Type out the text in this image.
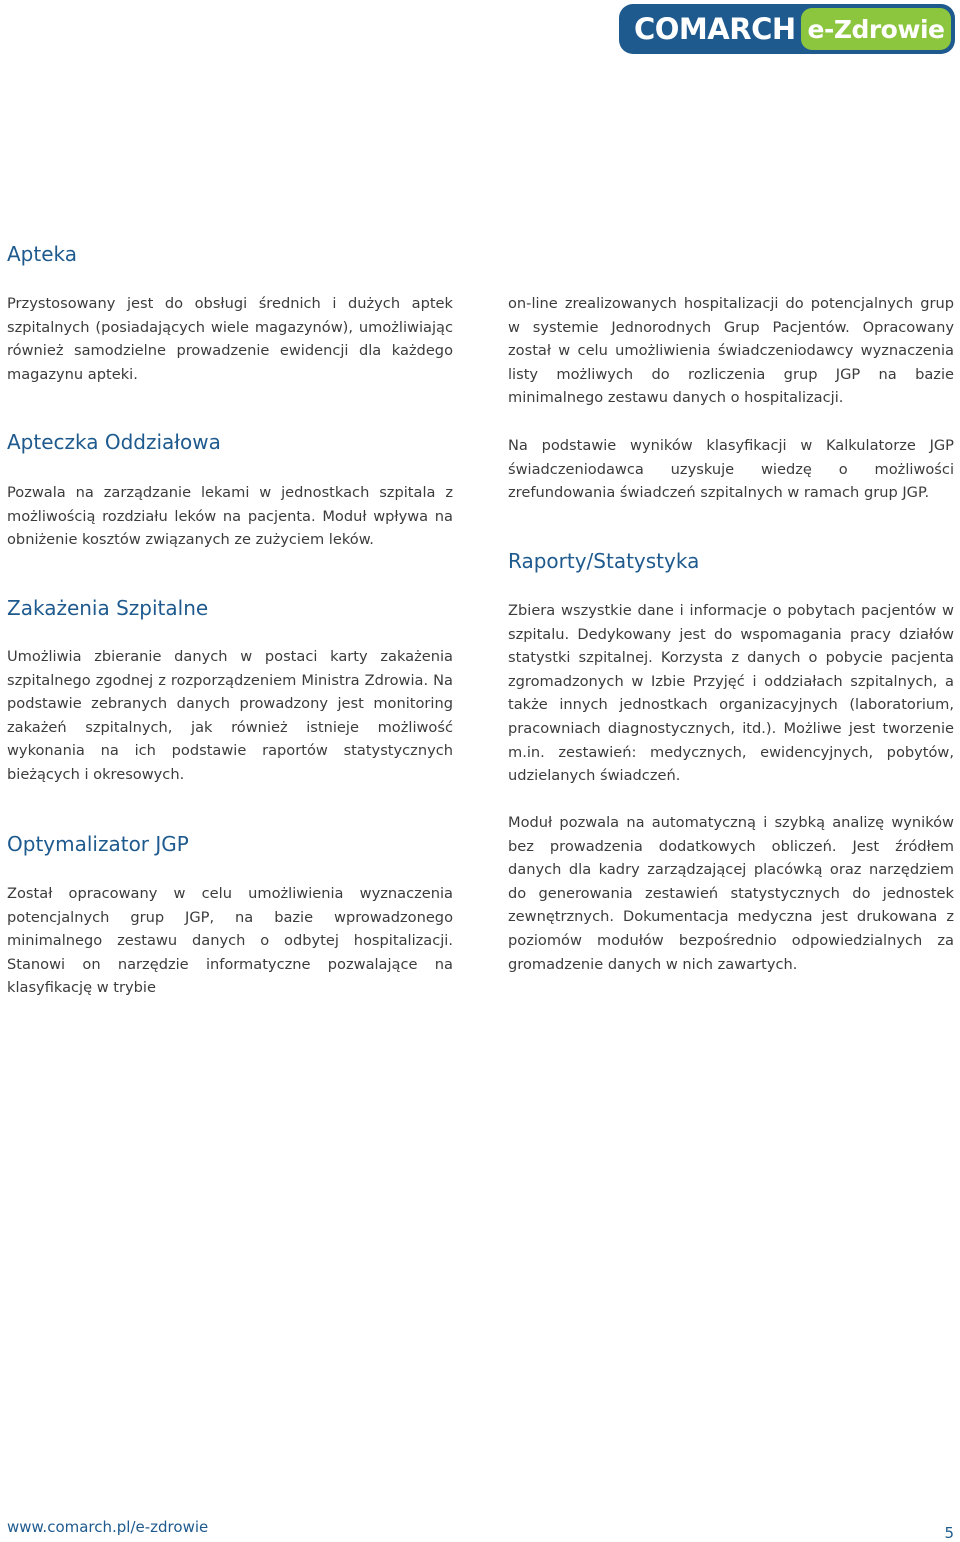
COMARCH e-Zdrowie
Apteka

Przystosowany jest do obsługi średnich i dużych aptek szpitalnych (posiadających wiele magazynów), umożliwiając również samodzielne prowadzenie ewidencji dla każdego magazynu apteki.

Apteczka Oddziałowa

Pozwala na zarządzanie lekami w jednostkach szpitala z możliwością rozdziału leków na pacjenta. Moduł wpływa na obniżenie kosztów związanych ze zużyciem leków.

Zakażenia Szpitalne

Umożliwia zbieranie danych w postaci karty zakażenia szpitalnego zgodnej z rozporządzeniem Ministra Zdrowia. Na podstawie zebranych danych prowadzony jest monitoring zakażeń szpitalnych, jak również istnieje możliwość wykonania na ich podstawie raportów statystycznych bieżących i okresowych.

Optymalizator JGP

Został opracowany w celu umożliwienia wyznaczenia potencjalnych grup JGP, na bazie wprowadzonego minimalnego zestawu danych o odbytej hospitalizacji. Stanowi on narzędzie informatyczne pozwalające na klasyfikację w trybie

on-line zrealizowanych hospitalizacji do potencjalnych grup w systemie Jednorodnych Grup Pacjentów. Opracowany został w celu umożliwienia świadczeniodawcy wyznaczenia listy możliwych do rozliczenia grup JGP na bazie minimalnego zestawu danych o hospitalizacji.

Na podstawie wyników klasyfikacji w Kalkulatorze JGP świadczeniodawca uzyskuje wiedzę o możliwości zrefundowania świadczeń szpitalnych w ramach grup JGP.

Raporty/Statystyka

Zbiera wszystkie dane i informacje o pobytach pacjentów w szpitalu. Dedykowany jest do wspomagania pracy działów statystki szpitalnej. Korzysta z danych o pobycie pacjenta zgromadzonych w Izbie Przyjęć i oddziałach szpitalnych, a także innych jednostkach organizacyjnych (laboratorium, pracowniach diagnostycznych, itd.). Możliwe jest tworzenie m.in. zestawień: medycznych, ewidencyjnych, pobytów, udzielanych świadczeń.

Moduł pozwala na automatyczną i szybką analizę wyników bez prowadzenia dodatkowych obliczeń. Jest źródłem danych dla kadry zarządzającej placówką oraz narzędziem do generowania zestawień statystycznych do jednostek zewnętrznych. Dokumentacja medyczna jest drukowana z poziomów modułów bezpośrednio odpowiedzialnych za gromadzenie danych w nich zawartych.

www.comarch.pl/e-zdrowie	5
